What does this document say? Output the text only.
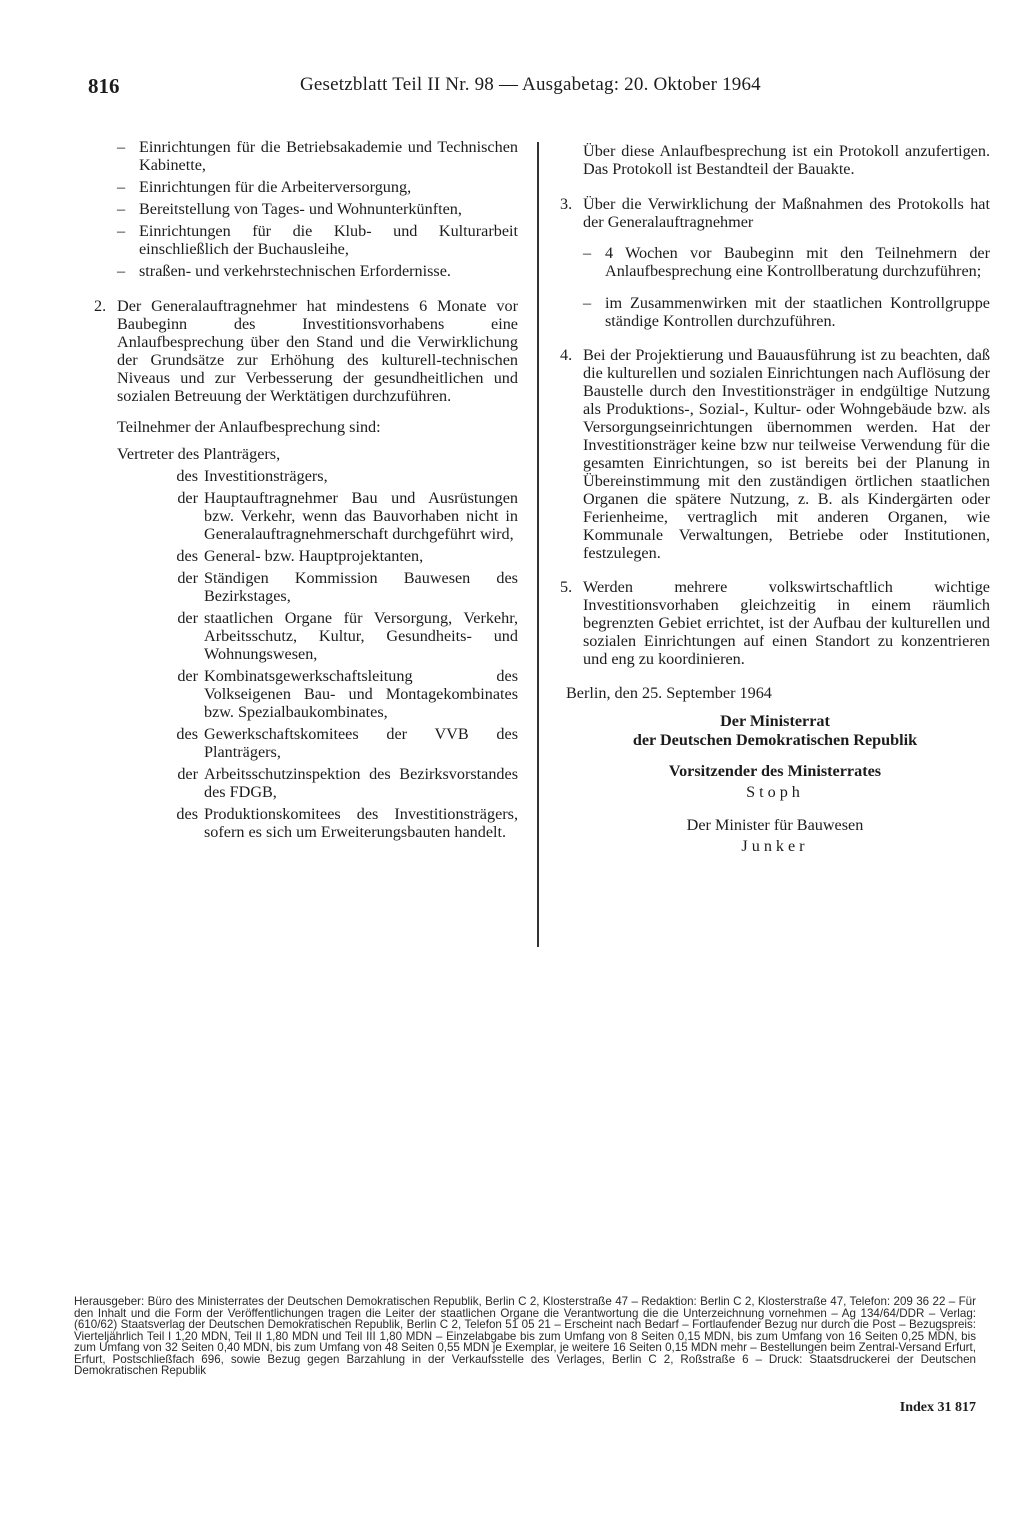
816	Gesetzblatt Teil II Nr. 98 — Ausgabetag: 20. Oktober 1964
– Einrichtungen für die Betriebsakademie und Technischen Kabinette,
– Einrichtungen für die Arbeiterversorgung,
– Bereitstellung von Tages- und Wohnunterkünften,
– Einrichtungen für die Klub- und Kulturarbeit einschließlich der Buchausleihe,
– straßen- und verkehrstechnischen Erfordernisse.
2. Der Generalauftragnehmer hat mindestens 6 Monate vor Baubeginn des Investitionsvorhabens eine Anlaufbesprechung über den Stand und die Verwirklichung der Grundsätze zur Erhöhung des kulturell-technischen Niveaus und zur Verbesserung der gesundheitlichen und sozialen Betreuung der Werktätigen durchzuführen.
Teilnehmer der Anlaufbesprechung sind:
Vertreter des Planträgers,
des Investitionsträgers,
der Hauptauftragnehmer Bau und Ausrüstungen bzw. Verkehr, wenn das Bauvorhaben nicht in Generalauftragnehmerschaft durchgeführt wird,
des General- bzw. Hauptprojektanten,
der Ständigen Kommission Bauwesen des Bezirkstages,
der staatlichen Organe für Versorgung, Verkehr, Arbeitsschutz, Kultur, Gesundheits- und Wohnungswesen,
der Kombinatsgewerkschaftsleitung des Volkseigenen Bau- und Montagekombinates bzw. Spezialbaukombinates,
des Gewerkschaftskomitees der VVB des Planträgers,
der Arbeitsschutzinspektion des Bezirksvorstandes des FDGB,
des Produktionskomitees des Investitionsträgers, sofern es sich um Erweiterungsbauten handelt.
Über diese Anlaufbesprechung ist ein Protokoll anzufertigen. Das Protokoll ist Bestandteil der Bauakte.
3. Über die Verwirklichung der Maßnahmen des Protokolls hat der Generalauftragnehmer
– 4 Wochen vor Baubeginn mit den Teilnehmern der Anlaufbesprechung eine Kontrollberatung durchzuführen;
– im Zusammenwirken mit der staatlichen Kontrollgruppe ständige Kontrollen durchzuführen.
4. Bei der Projektierung und Bauausführung ist zu beachten, daß die kulturellen und sozialen Einrichtungen nach Auflösung der Baustelle durch den Investitionsträger in endgültige Nutzung als Produktions-, Sozial-, Kultur- oder Wohngebäude bzw. als Versorgungseinrichtungen übernommen werden. Hat der Investitionsträger keine bzw nur teilweise Verwendung für die gesamten Einrichtungen, so ist bereits bei der Planung in Übereinstimmung mit den zuständigen örtlichen staatlichen Organen die spätere Nutzung, z. B. als Kindergärten oder Ferienheime, vertraglich mit anderen Organen, wie Kommunale Verwaltungen, Betriebe oder Institutionen, festzulegen.
5. Werden mehrere volkswirtschaftlich wichtige Investitionsvorhaben gleichzeitig in einem räumlich begrenzten Gebiet errichtet, ist der Aufbau der kulturellen und sozialen Einrichtungen auf einen Standort zu konzentrieren und eng zu koordinieren.
Berlin, den 25. September 1964
Der Ministerrat
der Deutschen Demokratischen Republik
Vorsitzender des Ministerrates
Stoph
Der Minister für Bauwesen
Junker
Herausgeber: Büro des Ministerrates der Deutschen Demokratischen Republik, Berlin C 2, Klosterstraße 47 – Redaktion: Berlin C 2, Klosterstraße 47, Telefon: 209 36 22 – Für den Inhalt und die Form der Veröffentlichungen tragen die Leiter der staatlichen Organe die Verantwortung die die Unterzeichnung vornehmen – Ag 134/64/DDR – Verlag: (610/62) Staatsverlag der Deutschen Demokratischen Republik, Berlin C 2, Telefon 51 05 21 – Erscheint nach Bedarf – Fortlaufender Bezug nur durch die Post – Bezugspreis: Vierteljährlich Teil I 1,20 MDN, Teil II 1,80 MDN und Teil III 1,80 MDN – Einzelabgabe bis zum Umfang von 8 Seiten 0,15 MDN, bis zum Umfang von 16 Seiten 0,25 MDN, bis zum Umfang von 32 Seiten 0,40 MDN, bis zum Umfang von 48 Seiten 0,55 MDN je Exemplar, je weitere 16 Seiten 0,15 MDN mehr – Bestellungen beim Zentral-Versand Erfurt, Erfurt, Postschließfach 696, sowie Bezug gegen Barzahlung in der Verkaufsstelle des Verlages, Berlin C 2, Roßstraße 6 – Druck: Staatsdruckerei der Deutschen Demokratischen Republik
Index 31 817
